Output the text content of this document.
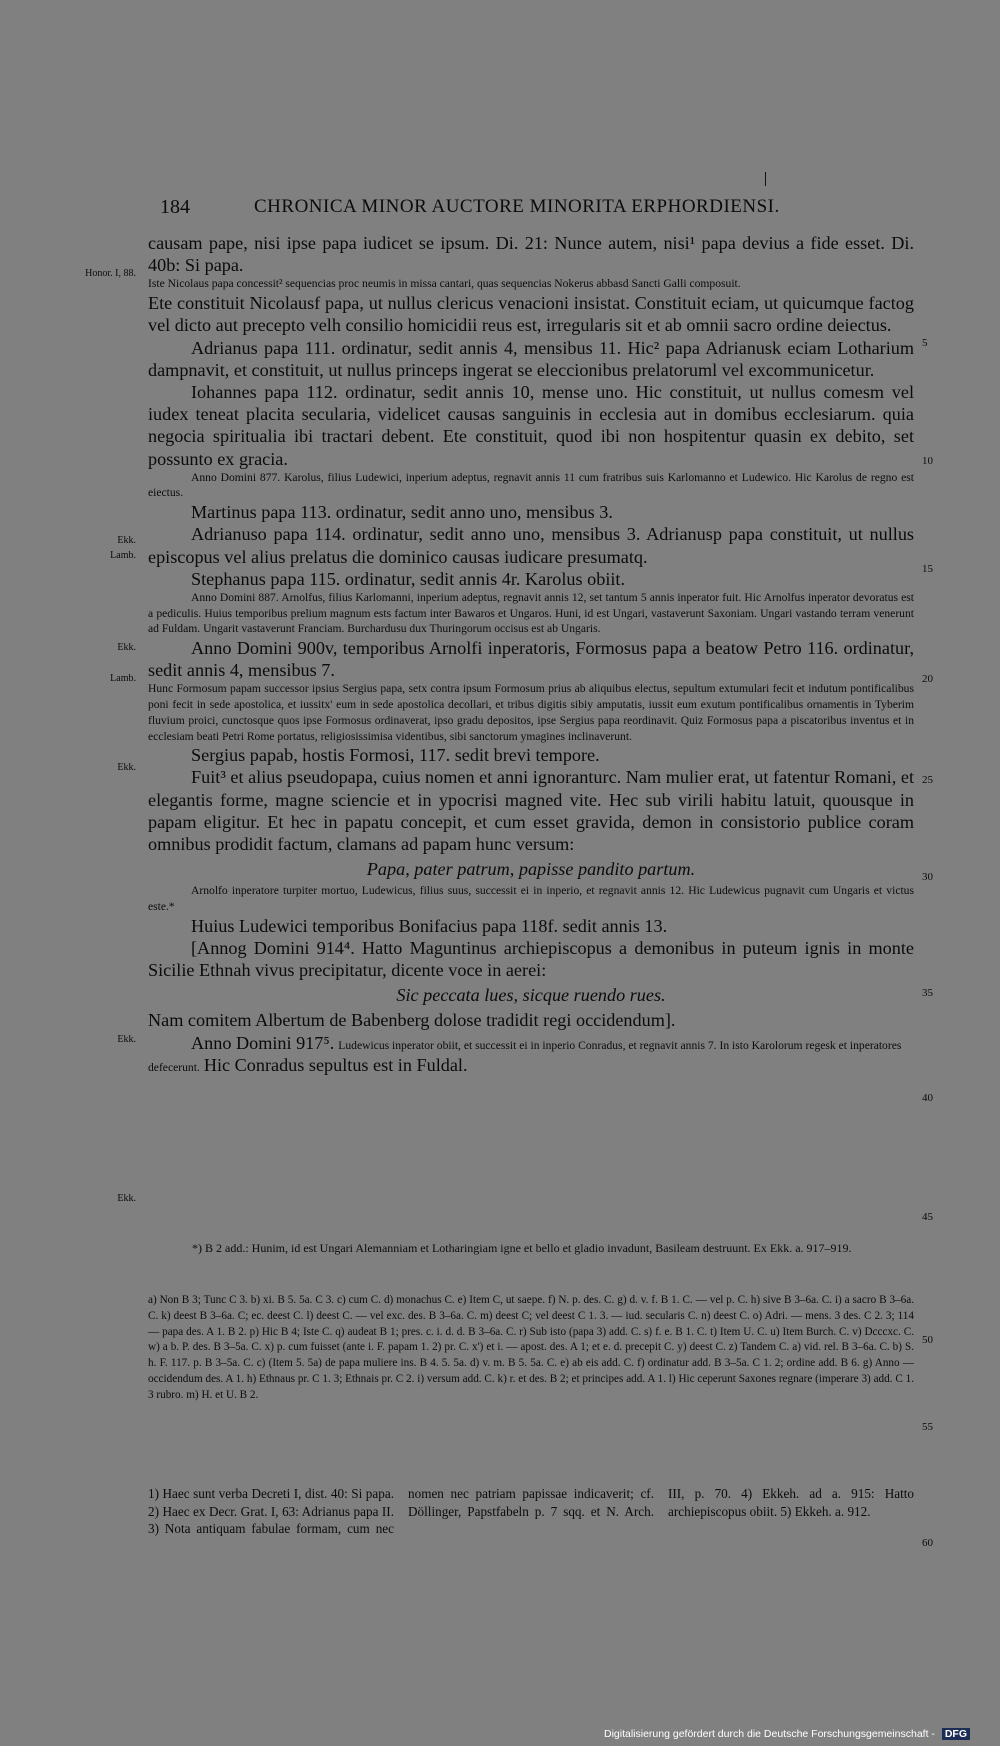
184	CHRONICA MINOR AUCTORE MINORITA ERPHORDIENSI.
Honor. I, 88.
Ekk.
Lamb.
Ekk.
Lamb.
Ekk.
Ekk.
Ekk.
5
10
15
20
25
30
35
40
45
50
55
60

causam pape, nisi ipse papa iudicet se ipsum. Di. 21: Nunce autem, nisi¹ papa devius a fide esset. Di. 40b: Si papa.

Iste Nicolaus papa concessit² sequencias proc neumis in missa cantari, quas sequencias Nokerus abbasd Sancti Galli composuit.

Ete constituit Nicolausf papa, ut nullus clericus venacioni insistat. Constituit eciam, ut quicumque factog vel dicto aut precepto velh consilio homicidii reus est, irregularis sit et ab omnii sacro ordine deiectus.

Adrianus papa 111. ordinatur, sedit annis 4, mensibus 11. Hic² papa Adrianusk eciam Lotharium dampnavit, et constituit, ut nullus princeps ingerat se eleccionibus prelatoruml vel excommunicetur.

Iohannes papa 112. ordinatur, sedit annis 10, mense uno. Hic constituit, ut nullus comesm vel iudex teneat placita secularia, videlicet causas sanguinis in ecclesia aut in domibus ecclesiarum. quia negocia spiritualia ibi tractari debent. Ete constituit, quod ibi non hospitentur quasin ex debito, set possunto ex gracia.

Anno Domini 877. Karolus, filius Ludewici, inperium adeptus, regnavit annis 11 cum fratribus suis Karlomanno et Ludewico. Hic Karolus de regno est eiectus.

Martinus papa 113. ordinatur, sedit anno uno, mensibus 3.

Adrianuso papa 114. ordinatur, sedit anno uno, mensibus 3. Adrianusp papa constituit, ut nullus episcopus vel alius prelatus die dominico causas iudicare presumatq.

Stephanus papa 115. ordinatur, sedit annis 4r. Karolus obiit.

Anno Domini 887. Arnolfus, filius Karlomanni, inperium adeptus, regnavit annis 12, set tantum 5 annis inperator fuit. Hic Arnolfus inperator devoratus est a pediculis. Huius temporibus prelium magnum ests factum inter Bawaros et Ungaros. Huni, id est Ungari, vastaverunt Saxoniam. Ungari vastando terram venerunt ad Fuldam. Ungarit vastaverunt Franciam. Burchardusu dux Thuringorum occisus est ab Ungaris.

Anno Domini 900v, temporibus Arnolfi inperatoris, Formosus papa a beatow Petro 116. ordinatur, sedit annis 4, mensibus 7.

Hunc Formosum papam successor ipsius Sergius papa, setx contra ipsum Formosum prius ab aliquibus electus, sepultum extumulari fecit et indutum pontificalibus poni fecit in sede apostolica, et iussitx' eum in sede apostolica decollari, et tribus digitis sibiy amputatis, iussit eum exutum pontificalibus ornamentis in Tyberim fluvium proici, cunctosque quos ipse Formosus ordinaverat, ipso gradu depositos, ipse Sergius papa reordinavit. Quiz Formosus papa a piscatoribus inventus et in ecclesiam beati Petri Rome portatus, religiosissimisa videntibus, sibi sanctorum ymagines inclinaverunt.

Sergius papab, hostis Formosi, 117. sedit brevi tempore.

Fuit³ et alius pseudopapa, cuius nomen et anni ignoranturc. Nam mulier erat, ut fatentur Romani, et elegantis forme, magne sciencie et in ypocrisi magned vite. Hec sub virili habitu latuit, quousque in papam eligitur. Et hec in papatu concepit, et cum esset gravida, demon in consistorio publice coram omnibus prodidit factum, clamans ad papam hunc versum:

Papa, pater patrum, papisse pandito partum.

Arnolfo inperatore turpiter mortuo, Ludewicus, filius suus, successit ei in inperio, et regnavit annis 12. Hic Ludewicus pugnavit cum Ungaris et victus este.*

Huius Ludewici temporibus Bonifacius papa 118f. sedit annis 13.

[Annog Domini 914⁴. Hatto Maguntinus archiepiscopus a demonibus in puteum ignis in monte Sicilie Ethnah vivus precipitatur, dicente voce in aerei:

Sic peccata lues, sicque ruendo rues.

Nam comitem Albertum de Babenberg dolose tradidit regi occidendum].

Anno Domini 917⁵.

Ludewicus inperator obiit, et successit ei in inperio Conradus, et regnavit annis 7. In isto Karolorum regesk et inperatores defecerunt.

Hic Conradus sepultus est in Fuldal.

*) B 2 add.: Hunim, id est Ungari Alemanniam et Lotharingiam igne et bello et gladio invadunt, Basileam destruunt. Ex Ekk. a. 917–919.
a) Non B 3; Tunc C 3. b) xi. B 5. 5a. C 3. c) cum C. d) monachus C. e) Item C, ut saepe. f) N. p. des. C. g) d. v. f. B 1. C. — vel p. C. h) sive B 3–6a. C. i) a sacro B 3–6a. C. k) deest B 3–6a. C; ec. deest C. l) deest C. — vel exc. des. B 3–6a. C. m) deest C; vel deest C 1. 3. — iud. secularis C. n) deest C. o) Adri. — mens. 3 des. C 2. 3; 114 — papa des. A 1. B 2. p) Hic B 4; Iste C. q) audeat B 1; pres. c. i. d. d. B 3–6a. C. r) Sub isto (papa 3) add. C. s) f. e. B 1. C. t) Item U. C. u) Item Burch. C. v) Dcccxc. C. w) a b. P. des. B 3–5a. C. x) p. cum fuisset (ante i. F. papam 1. 2) pr. C. x') et i. — apost. des. A 1; et e. d. precepit C. y) deest C. z) Tandem C. a) vid. rel. B 3–6a. C. b) S. h. F. 117. p. B 3–5a. C. c) (Item 5. 5a) de papa muliere ins. B 4. 5. 5a. d) v. m. B 5. 5a. C. e) ab eis add. C. f) ordinatur add. B 3–5a. C 1. 2; ordine add. B 6. g) Anno — occidendum des. A 1. h) Ethnaus pr. C 1. 3; Ethnais pr. C 2. i) versum add. C. k) r. et des. B 2; et principes add. A 1. l) Hic ceperunt Saxones regnare (imperare 3) add. C 1. 3 rubro. m) H. et U. B 2.
1) Haec sunt verba Decreti I, dist. 40: Si papa. 2) Haec ex Decr. Grat. I, 63: Adrianus papa II. 3) Nota antiquam fabulae formam, cum nec nomen nec patriam papissae indicaverit; cf. Döllinger, Papstfabeln p. 7 sqq. et N. Arch. III, p. 70. 4) Ekkeh. ad a. 915: Hatto archiepiscopus obiit. 5) Ekkeh. a. 912.
Digitalisierung gefördert durch die Deutsche Forschungsgemeinschaft - DFG
